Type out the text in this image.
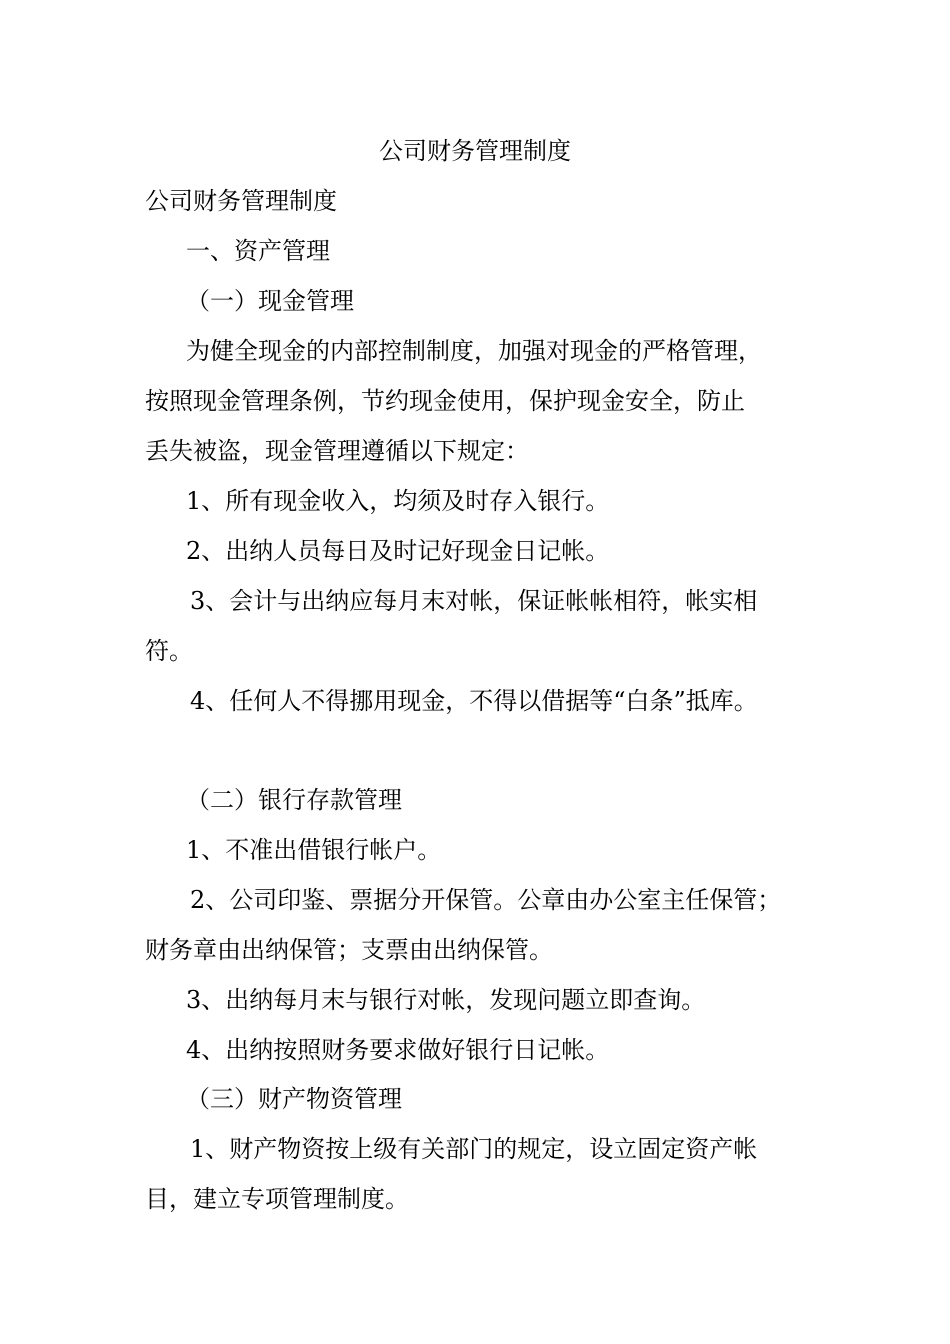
公司财务管理制度
公司财务管理制度
一、资产管理
（一）现金管理
为健全现金的内部控制制度，加强对现金的严格管理，
按照现金管理条例，节约现金使用，保护现金安全，防止
丢失被盗，现金管理遵循以下规定：
1、所有现金收入，均须及时存入银行。
2、出纳人员每日及时记好现金日记帐。
3、会计与出纳应每月末对帐，保证帐帐相符，帐实相
符。
4、任何人不得挪用现金，不得以借据等“白条”抵库。
（二）银行存款管理
1、不准出借银行帐户。
2、公司印鉴、票据分开保管。公章由办公室主任保管；
财务章由出纳保管；支票由出纳保管。
3、出纳每月末与银行对帐，发现问题立即查询。
4、出纳按照财务要求做好银行日记帐。
（三）财产物资管理
1、财产物资按上级有关部门的规定，设立固定资产帐
目，建立专项管理制度。
